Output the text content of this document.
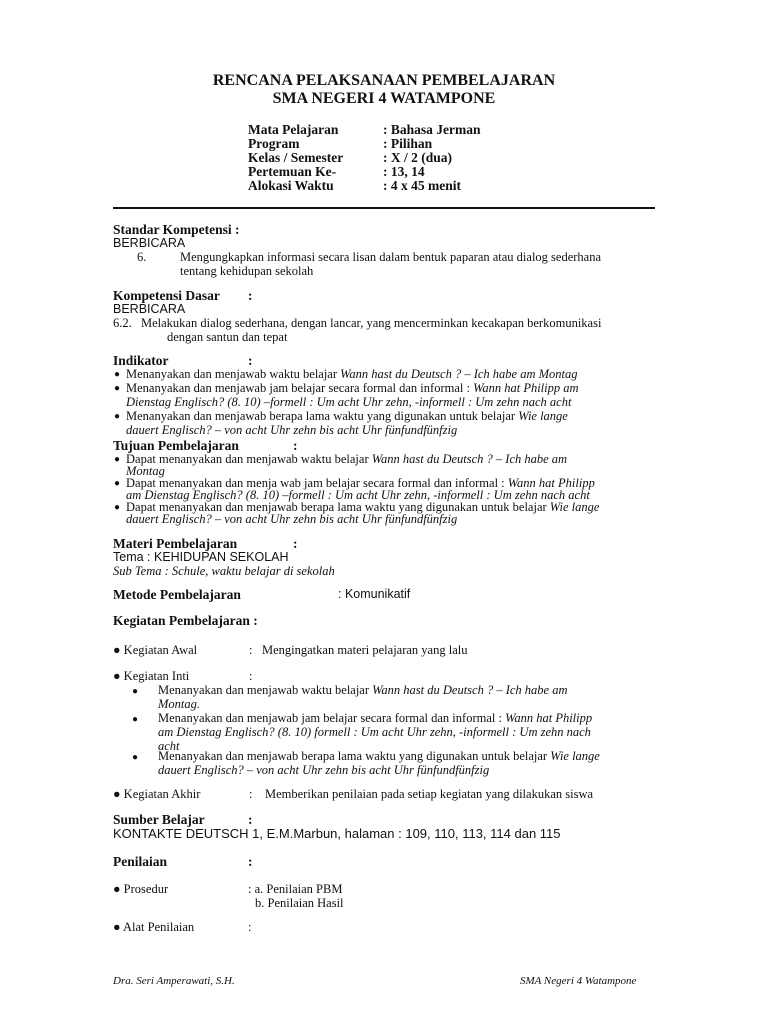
RENCANA PELAKSANAAN PEMBELAJARAN
SMA NEGERI 4 WATAMPONE
Mata Pelajaran	: Bahasa Jerman
Program	: Pilihan
Kelas / Semester	: X / 2 (dua)
Pertemuan Ke-	: 13, 14
Alokasi Waktu	: 4 x 45 menit
Standar Kompetensi :
BERBICARA
6.	Mengungkapkan informasi secara lisan dalam bentuk paparan atau dialog sederhana
tentang kehidupan sekolah
Kompetensi Dasar :
BERBICARA
6.2. Melakukan dialog sederhana, dengan lancar, yang mencerminkan kecakapan berkomunikasi
dengan santun dan tepat
Indikator	:
● Menanyakan dan menjawab waktu belajar Wann hast du Deutsch ? – Ich habe am Montag
● Menanyakan dan menjawab jam belajar secara formal dan informal : Wann hat Philipp am
Dienstag Englisch? (8. 10) –formell : Um acht Uhr zehn, -informell : Um zehn nach acht
● Menanyakan dan menjawab berapa lama waktu yang digunakan untuk belajar Wie lange
dauert Englisch? – von acht Uhr zehn bis acht Uhr fünfundfünfzig
Tujuan Pembelajaran	:
● Dapat menanyakan dan menjawab waktu belajar Wann hast du Deutsch ? – Ich habe am
Montag
● Dapat menanyakan dan menja wab jam belajar secara formal dan informal : Wann hat Philipp
am Dienstag Englisch? (8. 10) –formell : Um acht Uhr zehn, -informell : Um zehn nach acht
● Dapat menanyakan dan menjawab berapa lama waktu yang digunakan untuk belajar Wie lange
dauert Englisch? – von acht Uhr zehn bis acht Uhr fünfundfünfzig
Materi Pembelajaran	:
Tema : KEHIDUPAN SEKOLAH
Sub Tema : Schule, waktu belajar di sekolah
Metode Pembelajaran	: Komunikatif
Kegiatan Pembelajaran :
● Kegiatan Awal	: Mengingatkan materi pelajaran yang lalu
● Kegiatan Inti	:
● Menanyakan dan menjawab waktu belajar Wann hast du Deutsch ? – Ich habe am
Montag.
● Menanyakan dan menjawab jam belajar secara formal dan informal : Wann hat Philipp
am Dienstag Englisch? (8. 10) formell : Um acht Uhr zehn, -informell : Um zehn nach
acht
● Menanyakan dan menjawab berapa lama waktu yang digunakan untuk belajar Wie lange
dauert Englisch? – von acht Uhr zehn bis acht Uhr fünfundfünfzig
● Kegiatan Akhir	: Memberikan penilaian pada setiap kegiatan yang dilakukan siswa
Sumber Belajar	:
KONTAKTE DEUTSCH 1, E.M.Marbun, halaman : 109, 110, 113, 114 dan 115
Penilaian	:
● Prosedur	: a. Penilaian PBM
b. Penilaian Hasil
● Alat Penilaian	:
Dra. Seri Amperawati, S.H.	SMA Negeri 4 Watampone
